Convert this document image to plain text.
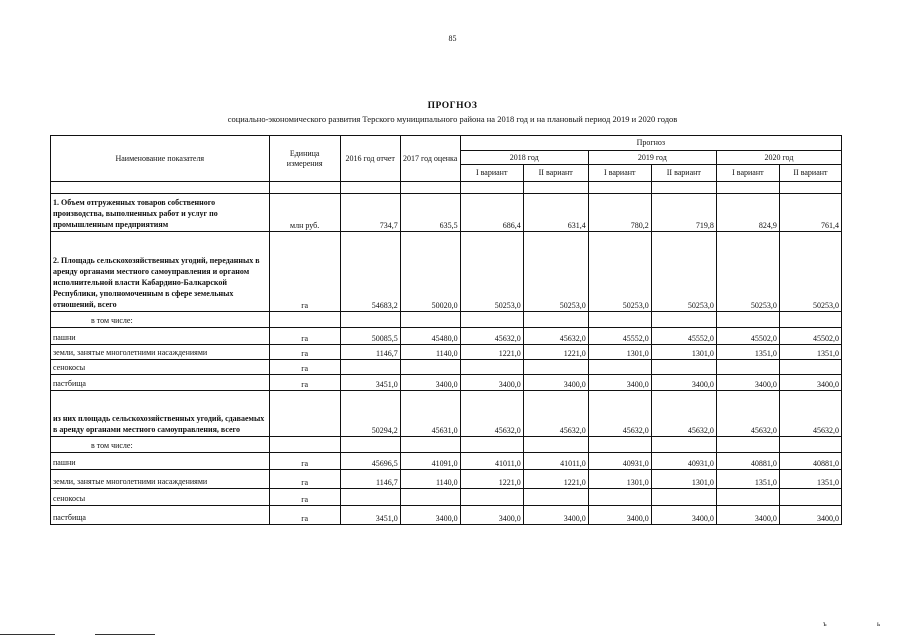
85
ПРОГНОЗ
социально-экономического развития Терского муниципального района на 2018 год и на плановый период 2019 и 2020 годов
Наименование показателя	Единица измерения	2016 год отчет	2017 год оценка	Прогноз					
				2018 год		2019 год		2020 год	
				I вариант	II вариант	I вариант	II вариант	I вариант	II вариант

1. Объем отгруженных товаров собственного производства, выполненных работ и услуг по промышленным предприятиям	млн руб.	734,7	635,5	686,4	631,4	780,2	719,8	824,9	761,4
2. Площадь сельскохозяйственных угодий, переданных в аренду органами местного самоуправления и органом исполнительной власти Кабардино-Балкарской Республики, уполномоченным в сфере земельных отношений, всего	га	54683,2	50020,0	50253,0	50253,0	50253,0	50253,0	50253,0	50253,0
в том числе:									
пашни	га	50085,5	45480,0	45632,0	45632,0	45552,0	45552,0	45502,0	45502,0
земли, занятые многолетними насаждениями	га	1146,7	1140,0	1221,0	1221,0	1301,0	1301,0	1351,0	1351,0
сенокосы	га								
пастбища	га	3451,0	3400,0	3400,0	3400,0	3400,0	3400,0	3400,0	3400,0
из них площадь сельскохозяйственных угодий, сдаваемых в аренду органами местного самоуправления, всего		50294,2	45631,0	45632,0	45632,0	45632,0	45632,0	45632,0	45632,0
в том числе:									
пашни	га	45696,5	41091,0	41011,0	41011,0	40931,0	40931,0	40881,0	40881,0
земли, занятые многолетними насаждениями	га	1146,7	1140,0	1221,0	1221,0	1301,0	1301,0	1351,0	1351,0
сенокосы	га								
пастбища	га	3451,0	3400,0	3400,0	3400,0	3400,0	3400,0	3400,0	3400,0
ъ	ь
